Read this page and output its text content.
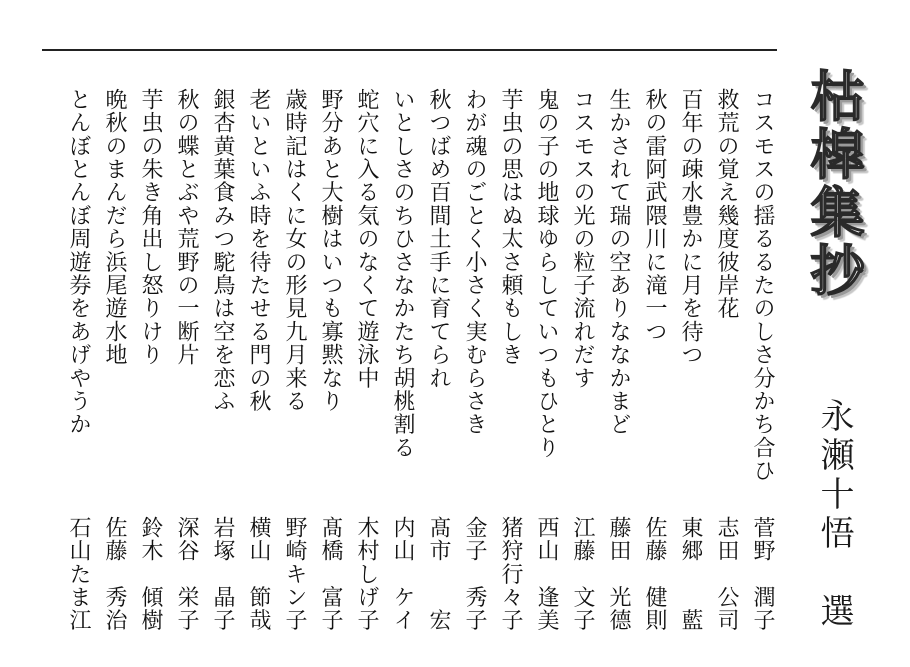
枯槹集抄
永瀬十悟　選
コスモスの揺るるたのしさ分かち合ひ
菅野　潤子
救荒の覚え幾度彼岸花
志田　公司
百年の疎水豊かに月を待つ
東郷　　藍
秋の雷阿武隈川に滝一つ
佐藤　健則
生かされて瑞の空ありななかまど
藤田　光德
コスモスの光の粒子流れだす
江藤　文子
鬼の子の地球ゆらしていつもひとり
西山　逢美
芋虫の思はぬ太さ頼もしき
猪狩行々子
わが魂のごとく小さく実むらさき
金子　秀子
秋つばめ百間土手に育てられ
髙市　　宏
いとしさのちひさなかたち胡桃割る
内山　ケイ
蛇穴に入る気のなくて遊泳中
木村しげ子
野分あと大樹はいつも寡黙なり
髙橋　富子
歳時記はくに女の形見九月来る
野崎キン子
老いといふ時を待たせる門の秋
横山　節哉
銀杏黄葉食みつ駝鳥は空を恋ふ
岩塚　晶子
秋の蝶とぶや荒野の一断片
深谷　栄子
芋虫の朱き角出し怒りけり
鈴木　傾樹
晩秋のまんだら浜尾遊水地
佐藤　秀治
とんぼとんぼ周遊券をあげやうか
石山たま江
